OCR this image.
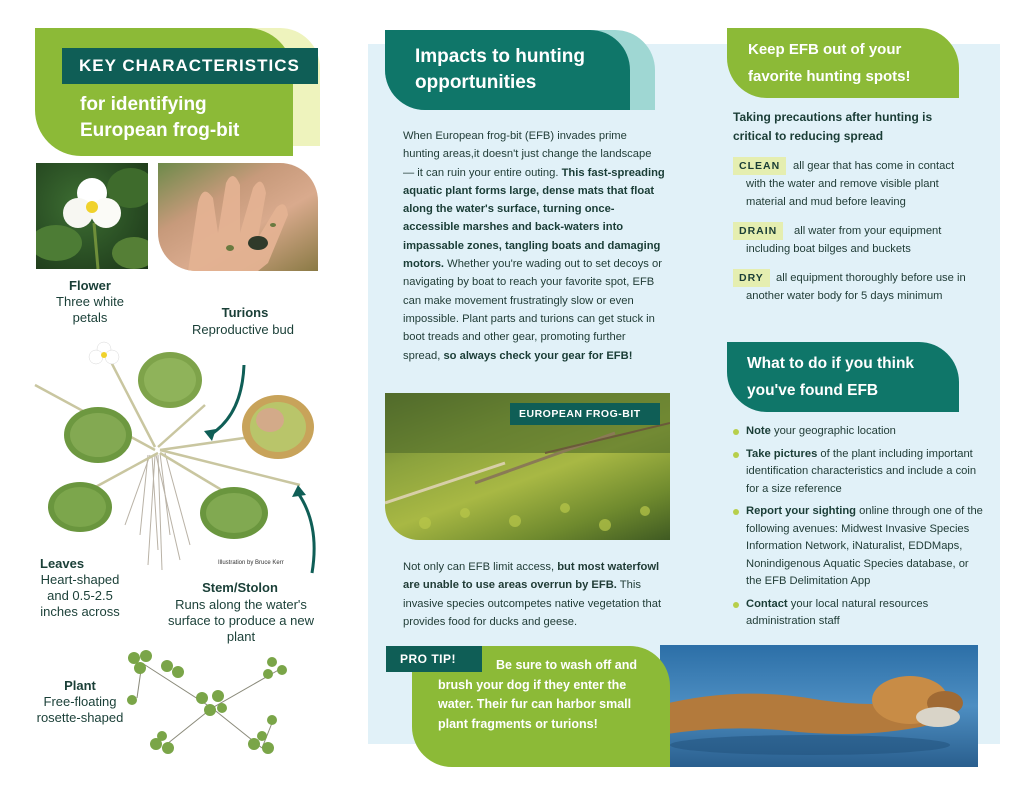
KEY CHARACTERISTICS
for identifying European frog-bit
Flower
Three white petals	Turions
Reproductive bud
Illustration by Bruce Kerr
Leaves
Heart-shaped and 0.5-2.5 inches across
Stem/Stolon
Runs along the water's surface to produce a new plant
Plant
Free-floating rosette-shaped
Impacts to hunting opportunities
When European frog-bit (EFB) invades prime hunting areas,it doesn't just change the landscape — it can ruin your entire outing. This fast-spreading aquatic plant forms large, dense mats that float along the water's surface, turning once-accessible marshes and back-waters into impassable zones, tangling boats and damaging motors. Whether you're wading out to set decoys or navigating by boat to reach your favorite spot, EFB can make movement frustratingly slow or even impossible. Plant parts and turions can get stuck in boot treads and other gear, promoting further spread, so always check your gear for EFB!
EUROPEAN FROG-BIT
Not only can EFB limit access, but most waterfowl are unable to use areas overrun by EFB. This invasive species outcompetes native vegetation that provides food for ducks and geese.
Keep EFB out of your favorite hunting spots!
Taking precautions after hunting is critical to reducing spread
all gear that has come in contact with the water and remove visible plant material and mud before leaving
CLEAN
all water from your equipment including boat bilges and buckets
DRAIN
all equipment thoroughly before use in another water body for 5 days minimum
DRY
What to do if you think you've found EFB
Note your geographic location
Take pictures of the plant including important identification characteristics and include a coin for a size reference
Report your sighting online through one of the following avenues: Midwest Invasive Species Information Network, iNaturalist, EDDMaps, Nonindigenous Aquatic Species database, or the EFB Delimitation App
Contact your local natural resources administration staff
Be sure to wash off and brush your dog if they enter the water. Their fur can harbor small plant fragments or turions!
PRO TIP!
